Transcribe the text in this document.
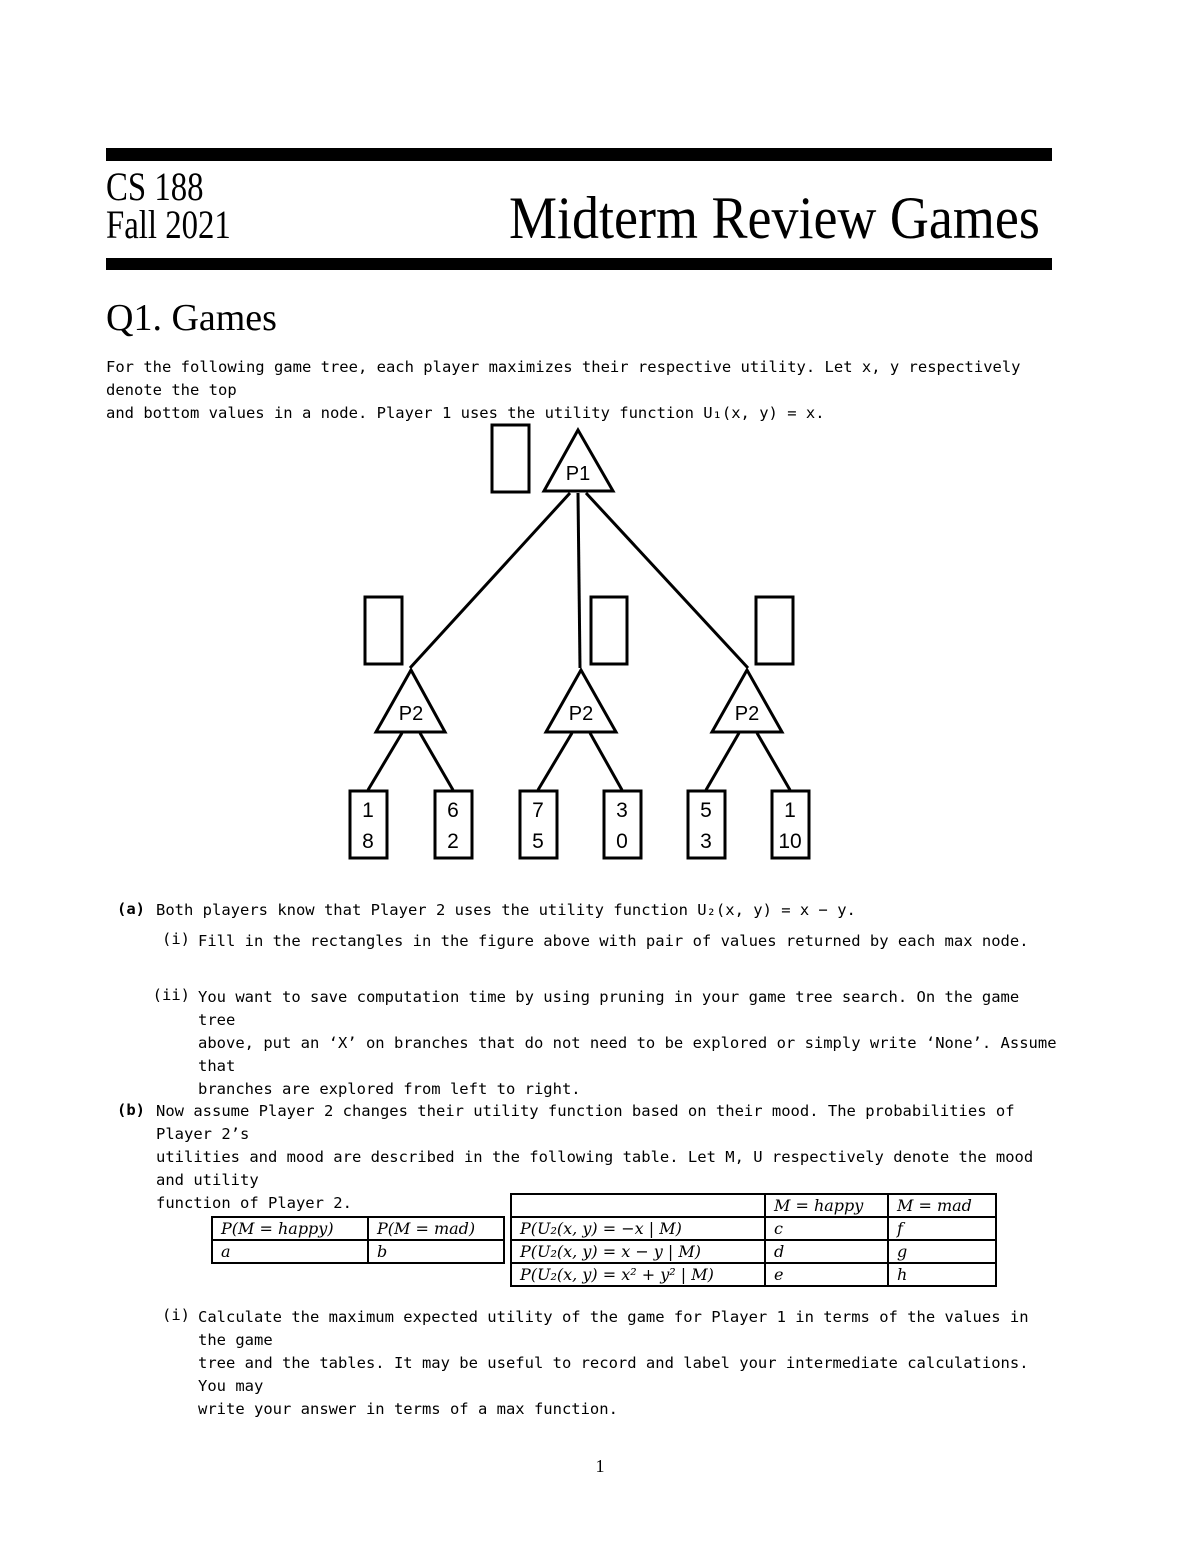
CS 188
Fall 2021	Midterm Review Games
Q1. Games
For the following game tree, each player maximizes their respective utility. Let x, y respectively denote the top
and bottom values in a node. Player 1 uses the utility function U₁(x, y) = x.
P1
P2	P2	P2
1
8
6
2
7
5
3
0
5
3
1
10
(a) Both players know that Player 2 uses the utility function U₂(x, y) = x − y.
(i) Fill in the rectangles in the figure above with pair of values returned by each max node.
(ii) You want to save computation time by using pruning in your game tree search. On the game tree
above, put an ‘X’ on branches that do not need to be explored or simply write ‘None’. Assume that
branches are explored from left to right.
(b) Now assume Player 2 changes their utility function based on their mood. The probabilities of Player 2’s
utilities and mood are described in the following table. Let M, U respectively denote the mood and utility
function of Player 2.
P(M = happy)	P(M = mad)
a	b
	M = happy	M = mad
P(U₂(x, y) = −x | M)	c	f
P(U₂(x, y) = x − y | M)	d	g
P(U₂(x, y) = x² + y² | M)	e	h
(i) Calculate the maximum expected utility of the game for Player 1 in terms of the values in the game
tree and the tables. It may be useful to record and label your intermediate calculations. You may
write your answer in terms of a max function.
1
